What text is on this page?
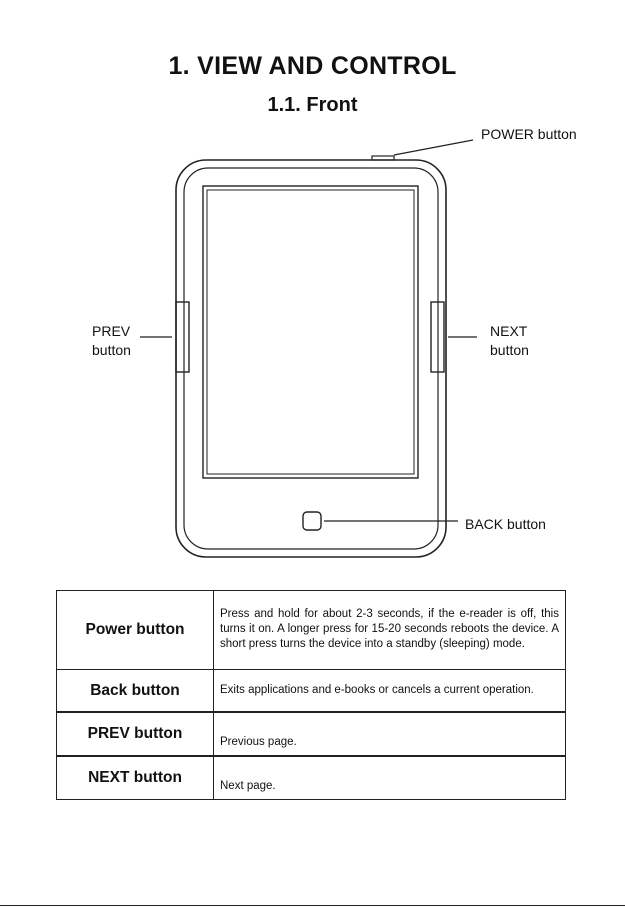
1. VIEW AND CONTROL
1.1. Front
POWER button
PREV
button
NEXT
button
BACK button
Power button	Press and hold for about 2-3 seconds, if the e-reader is off, this turns it on. A longer press for 15-20 seconds reboots the device. A short press turns the device into a standby (sleeping) mode.
Back button	Exits applications and e-books or cancels a current operation.
PREV button	Previous page.
NEXT button	Next page.
